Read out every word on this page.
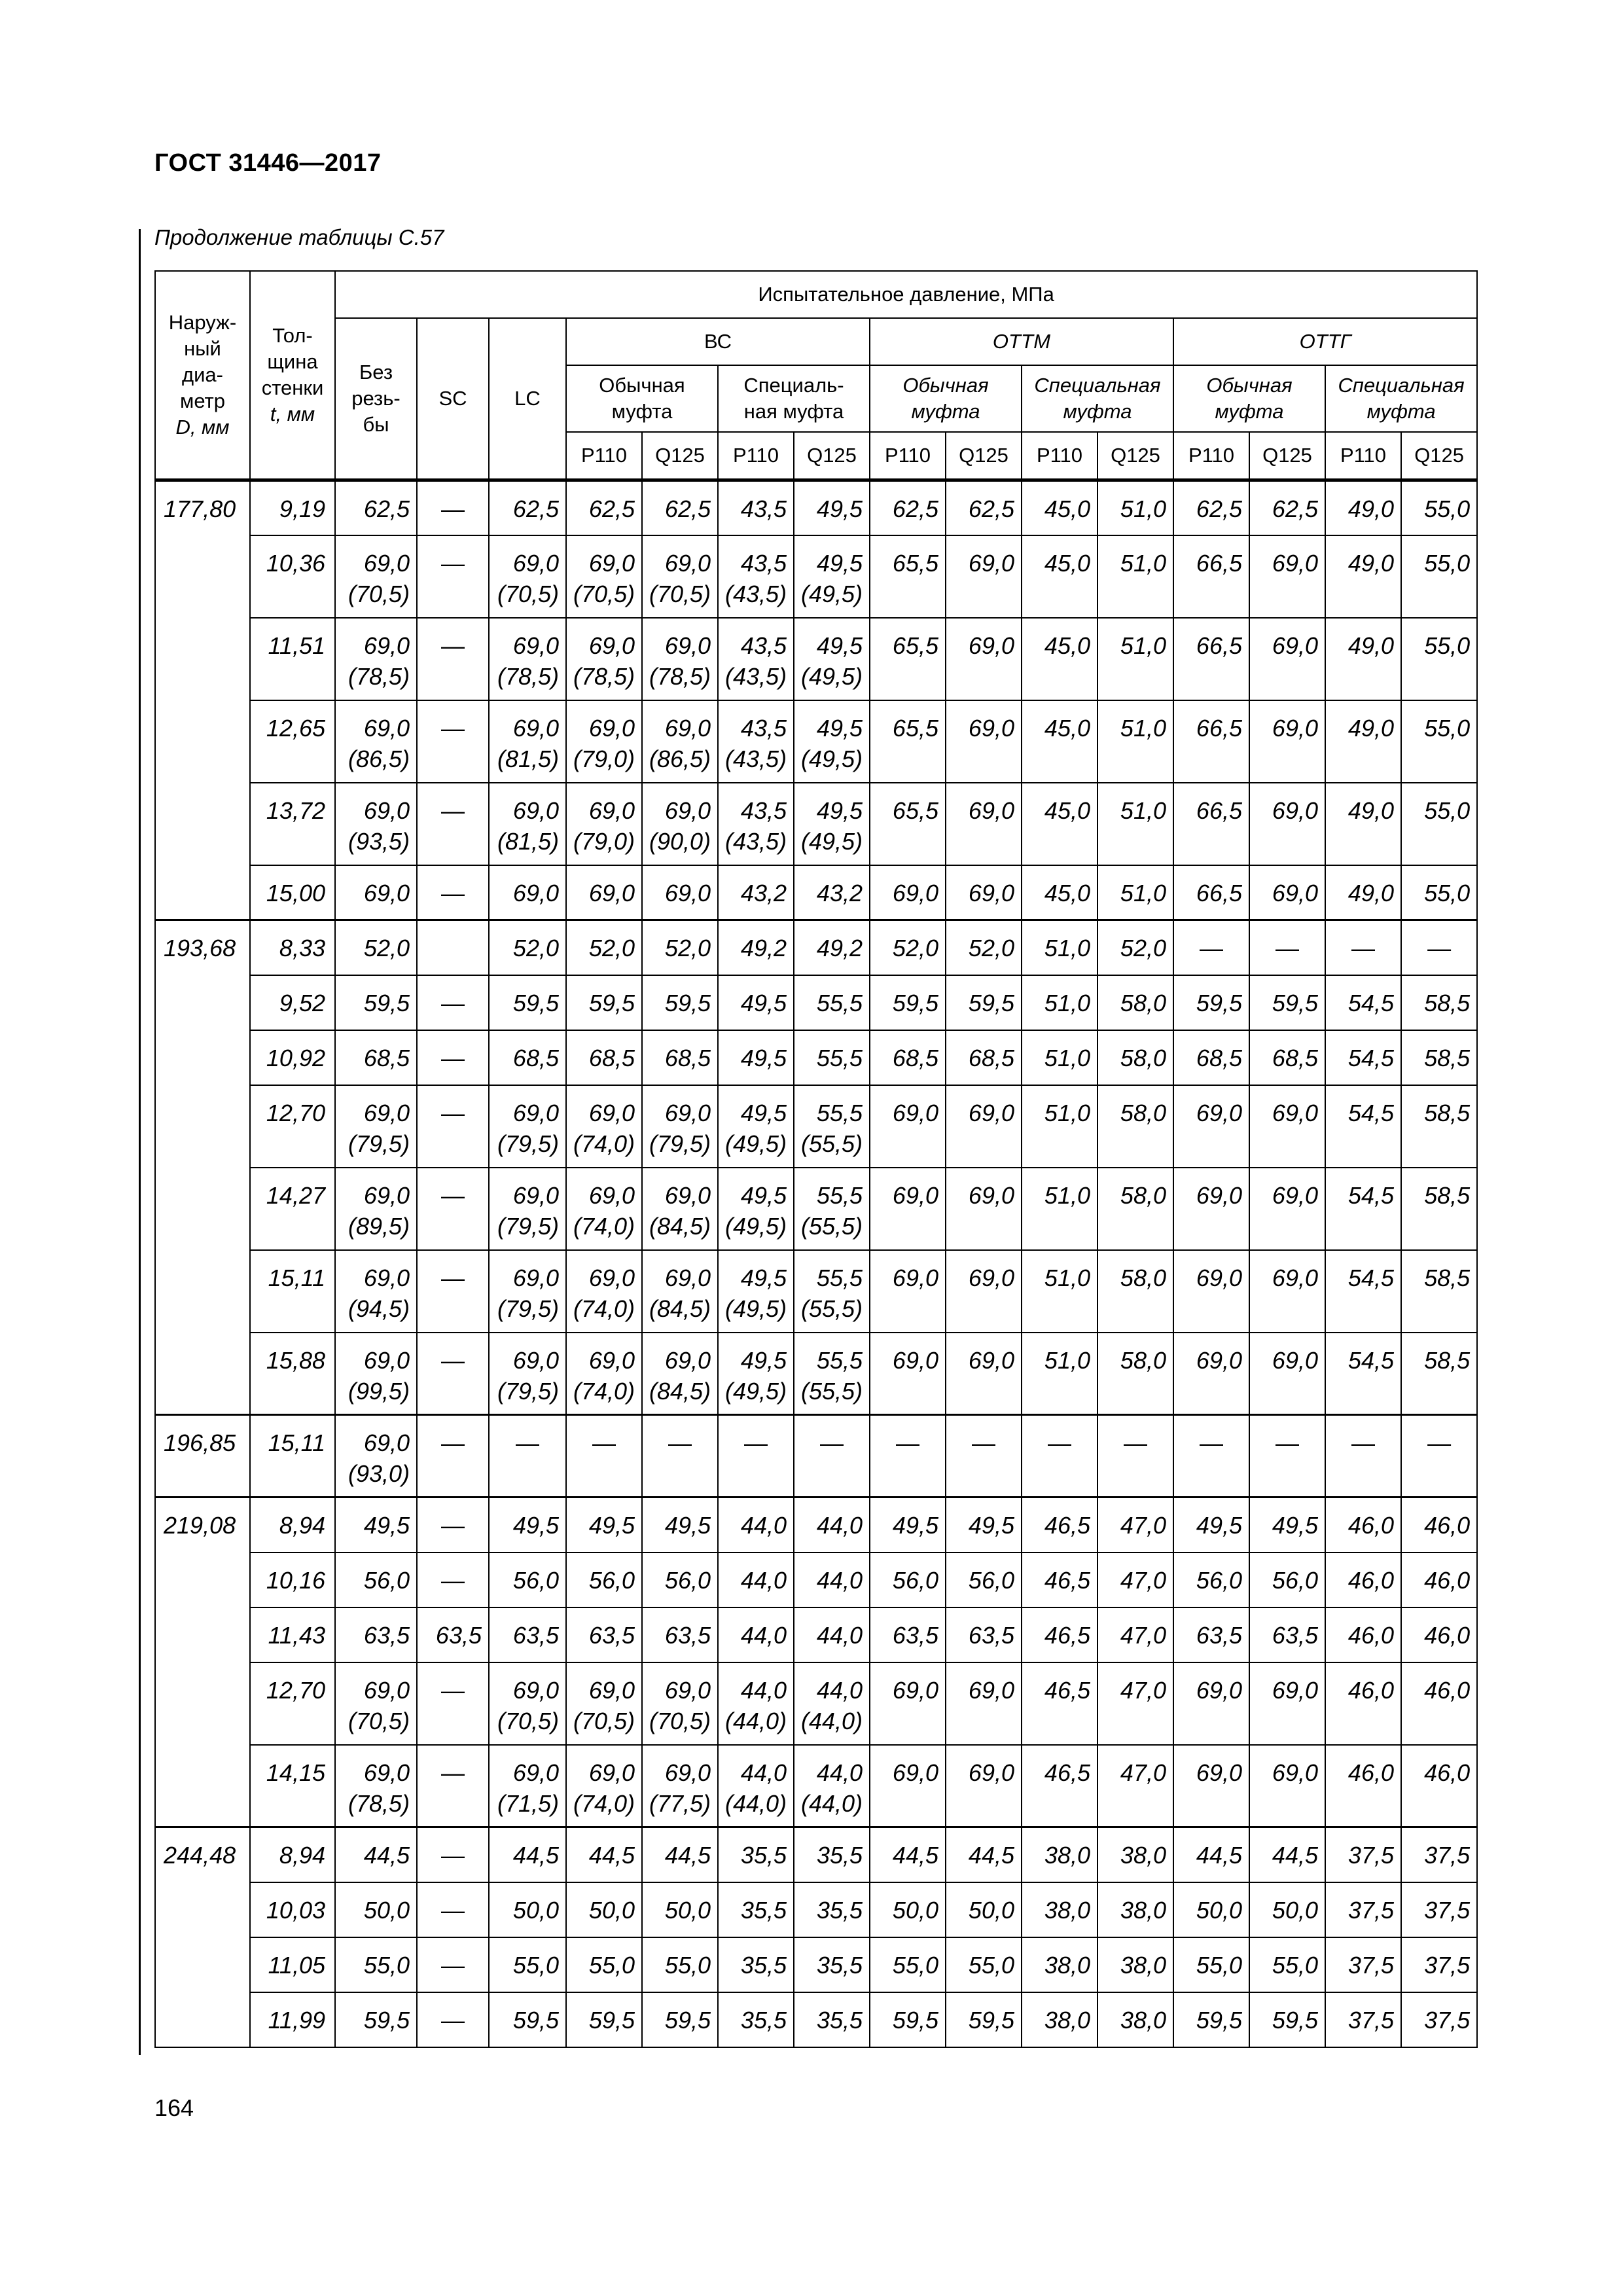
ГОСТ 31446—2017
Продолжение таблицы С.57
Наруж-
ный
диа-
метр
D, мм	Тол-
щина
стенки
t, мм	Испытательное давление, МПа														
		Без
резь-
бы	SC	LC	ВС				ОТТМ				ОТТГ			
					Обычная
муфта		Специаль-
ная муфта		Обычная
муфта		Специальная
муфта		Обычная
муфта		Специальная
муфта	
					Р110	Q125	Р110	Q125	Р110	Q125	Р110	Q125	Р110	Q125	Р110	Q125
177,80	9,19	62,5	—	62,5	62,5	62,5	43,5	49,5	62,5	62,5	45,0	51,0	62,5	62,5	49,0	55,0
	10,36	69,0
(70,5)	—	69,0
(70,5)	69,0
(70,5)	69,0
(70,5)	43,5
(43,5)	49,5
(49,5)	65,5	69,0	45,0	51,0	66,5	69,0	49,0	55,0
	11,51	69,0
(78,5)	—	69,0
(78,5)	69,0
(78,5)	69,0
(78,5)	43,5
(43,5)	49,5
(49,5)	65,5	69,0	45,0	51,0	66,5	69,0	49,0	55,0
	12,65	69,0
(86,5)	—	69,0
(81,5)	69,0
(79,0)	69,0
(86,5)	43,5
(43,5)	49,5
(49,5)	65,5	69,0	45,0	51,0	66,5	69,0	49,0	55,0
	13,72	69,0
(93,5)	—	69,0
(81,5)	69,0
(79,0)	69,0
(90,0)	43,5
(43,5)	49,5
(49,5)	65,5	69,0	45,0	51,0	66,5	69,0	49,0	55,0
	15,00	69,0	—	69,0	69,0	69,0	43,2	43,2	69,0	69,0	45,0	51,0	66,5	69,0	49,0	55,0
193,68	8,33	52,0		52,0	52,0	52,0	49,2	49,2	52,0	52,0	51,0	52,0	—	—	—	—
	9,52	59,5	—	59,5	59,5	59,5	49,5	55,5	59,5	59,5	51,0	58,0	59,5	59,5	54,5	58,5
	10,92	68,5	—	68,5	68,5	68,5	49,5	55,5	68,5	68,5	51,0	58,0	68,5	68,5	54,5	58,5
	12,70	69,0
(79,5)	—	69,0
(79,5)	69,0
(74,0)	69,0
(79,5)	49,5
(49,5)	55,5
(55,5)	69,0	69,0	51,0	58,0	69,0	69,0	54,5	58,5
	14,27	69,0
(89,5)	—	69,0
(79,5)	69,0
(74,0)	69,0
(84,5)	49,5
(49,5)	55,5
(55,5)	69,0	69,0	51,0	58,0	69,0	69,0	54,5	58,5
	15,11	69,0
(94,5)	—	69,0
(79,5)	69,0
(74,0)	69,0
(84,5)	49,5
(49,5)	55,5
(55,5)	69,0	69,0	51,0	58,0	69,0	69,0	54,5	58,5
	15,88	69,0
(99,5)	—	69,0
(79,5)	69,0
(74,0)	69,0
(84,5)	49,5
(49,5)	55,5
(55,5)	69,0	69,0	51,0	58,0	69,0	69,0	54,5	58,5
196,85	15,11	69,0
(93,0)	—	—	—	—	—	—	—	—	—	—	—	—	—	—
219,08	8,94	49,5	—	49,5	49,5	49,5	44,0	44,0	49,5	49,5	46,5	47,0	49,5	49,5	46,0	46,0
	10,16	56,0	—	56,0	56,0	56,0	44,0	44,0	56,0	56,0	46,5	47,0	56,0	56,0	46,0	46,0
	11,43	63,5	63,5	63,5	63,5	63,5	44,0	44,0	63,5	63,5	46,5	47,0	63,5	63,5	46,0	46,0
	12,70	69,0
(70,5)	—	69,0
(70,5)	69,0
(70,5)	69,0
(70,5)	44,0
(44,0)	44,0
(44,0)	69,0	69,0	46,5	47,0	69,0	69,0	46,0	46,0
	14,15	69,0
(78,5)	—	69,0
(71,5)	69,0
(74,0)	69,0
(77,5)	44,0
(44,0)	44,0
(44,0)	69,0	69,0	46,5	47,0	69,0	69,0	46,0	46,0
244,48	8,94	44,5	—	44,5	44,5	44,5	35,5	35,5	44,5	44,5	38,0	38,0	44,5	44,5	37,5	37,5
	10,03	50,0	—	50,0	50,0	50,0	35,5	35,5	50,0	50,0	38,0	38,0	50,0	50,0	37,5	37,5
	11,05	55,0	—	55,0	55,0	55,0	35,5	35,5	55,0	55,0	38,0	38,0	55,0	55,0	37,5	37,5
	11,99	59,5	—	59,5	59,5	59,5	35,5	35,5	59,5	59,5	38,0	38,0	59,5	59,5	37,5	37,5
164
